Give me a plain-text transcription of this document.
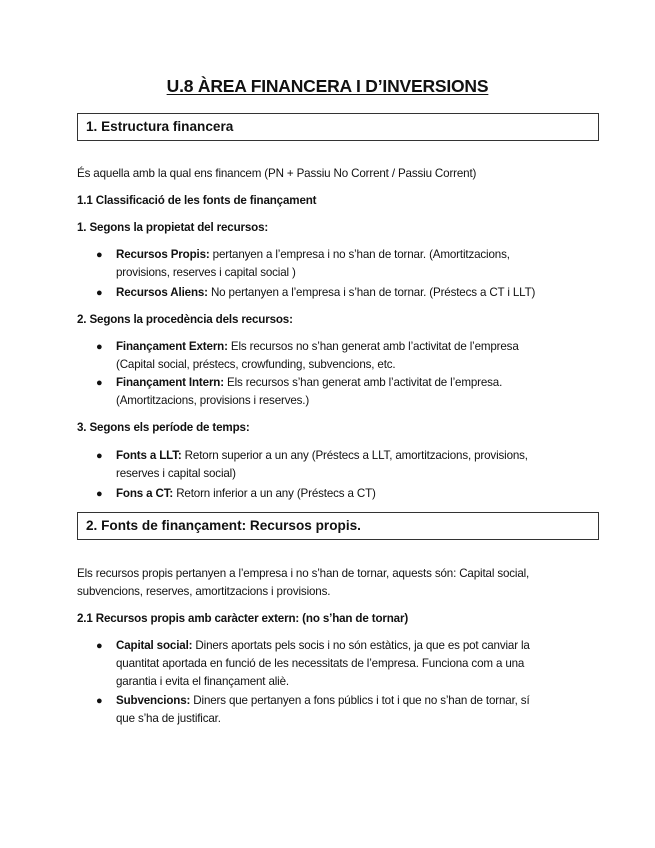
U.8 ÀREA FINANCERA I D’INVERSIONS
1. Estructura financera
És aquella amb la qual ens financem (PN + Passiu No Corrent / Passiu Corrent)
1.1 Classificació de les fonts de finançament
1. Segons la propietat del recursos:
● Recursos Propis: pertanyen a l’empresa i no s’han de tornar. (Amortitzacions,
provisions, reserves i capital social )
● Recursos Aliens: No pertanyen a l’empresa i s’han de tornar. (Préstecs a CT i LLT)
2. Segons la procedència dels recursos:
● Finançament Extern: Els recursos no s’han generat amb l’activitat de l’empresa
(Capital social, préstecs, crowfunding, subvencions, etc.
● Finançament Intern: Els recursos s’han generat amb l’activitat de l’empresa.
(Amortitzacions, provisions i reserves.)
3. Segons els període de temps:
● Fonts a LLT: Retorn superior a un any (Préstecs a LLT, amortitzacions, provisions,
reserves i capital social)
● Fons a CT: Retorn inferior a un any (Préstecs a CT)
2. Fonts de finançament: Recursos propis.
Els recursos propis pertanyen a l’empresa i no s’han de tornar, aquests són: Capital social,
subvencions, reserves, amortitzacions i provisions.
2.1 Recursos propis amb caràcter extern: (no s’han de tornar)
● Capital social: Diners aportats pels socis i no són estàtics, ja que es pot canviar la
quantitat aportada en funció de les necessitats de l’empresa. Funciona com a una
garantia i evita el finançament aliè.
● Subvencions: Diners que pertanyen a fons públics i tot i que no s’han de tornar, sí
que s’ha de justificar.
